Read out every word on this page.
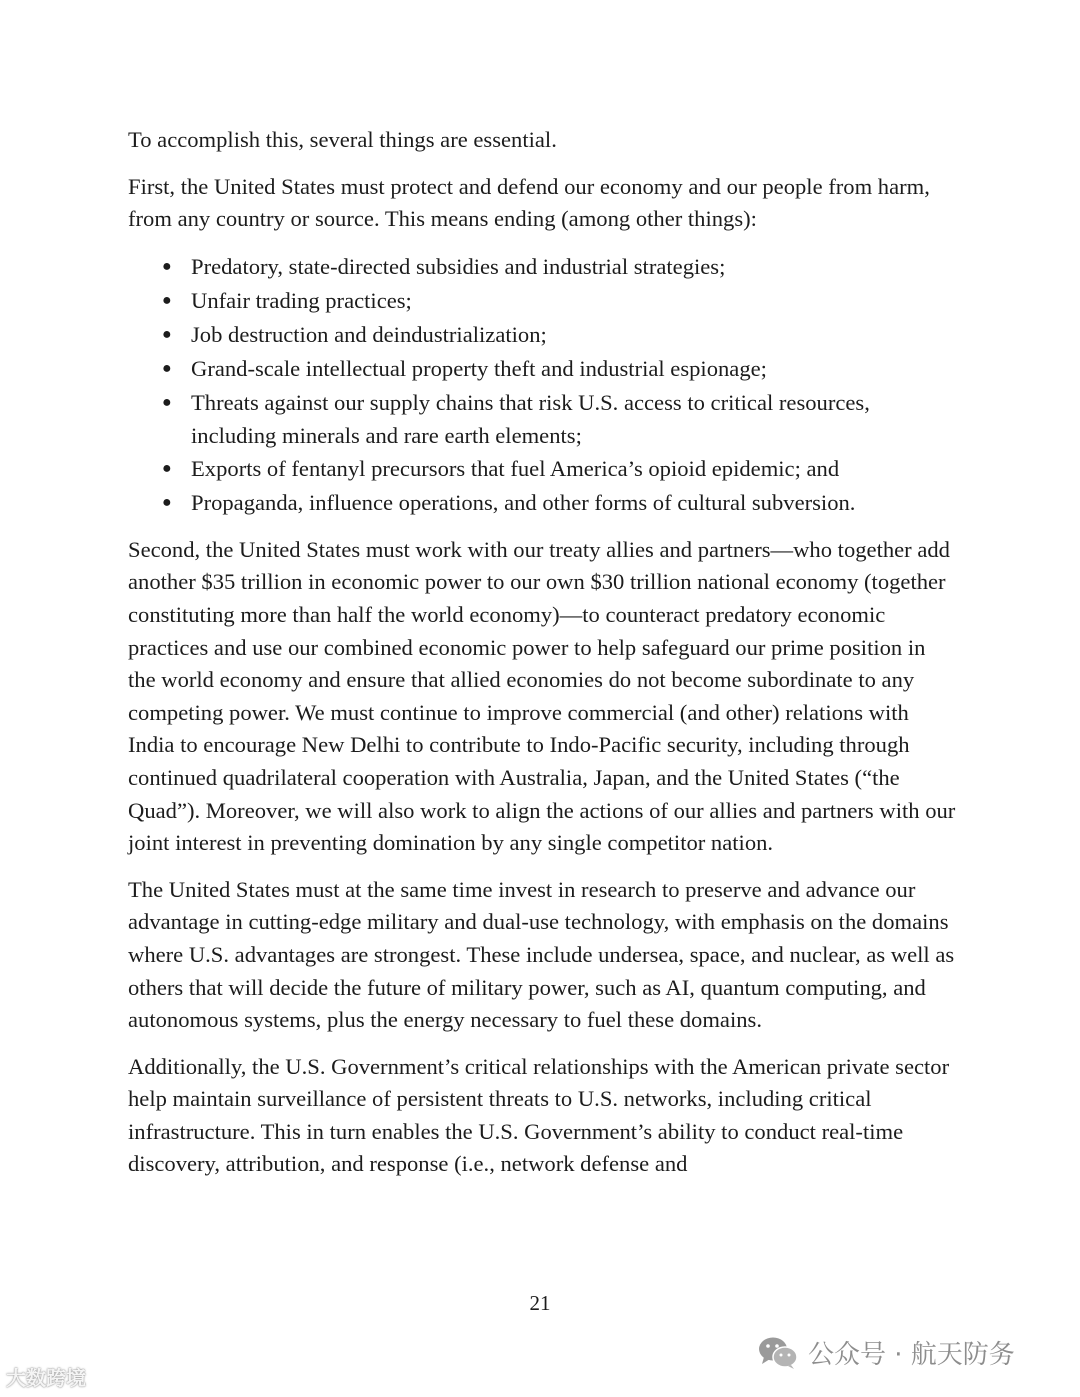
To accomplish this, several things are essential.

First, the United States must protect and defend our economy and our people from harm, from any country or source. This means ending (among other things):

● Predatory, state-directed subsidies and industrial strategies;
● Unfair trading practices;
● Job destruction and deindustrialization;
● Grand-scale intellectual property theft and industrial espionage;
● Threats against our supply chains that risk U.S. access to critical resources, including minerals and rare earth elements;
● Exports of fentanyl precursors that fuel America’s opioid epidemic; and
● Propaganda, influence operations, and other forms of cultural subversion.

Second, the United States must work with our treaty allies and partners—who together add another $35 trillion in economic power to our own $30 trillion national economy (together constituting more than half the world economy)—to counteract predatory economic practices and use our combined economic power to help safeguard our prime position in the world economy and ensure that allied economies do not become subordinate to any competing power. We must continue to improve commercial (and other) relations with India to encourage New Delhi to contribute to Indo-Pacific security, including through continued quadrilateral cooperation with Australia, Japan, and the United States (“the Quad”). Moreover, we will also work to align the actions of our allies and partners with our joint interest in preventing domination by any single competitor nation.

The United States must at the same time invest in research to preserve and advance our advantage in cutting-edge military and dual-use technology, with emphasis on the domains where U.S. advantages are strongest. These include undersea, space, and nuclear, as well as others that will decide the future of military power, such as AI, quantum computing, and autonomous systems, plus the energy necessary to fuel these domains.

Additionally, the U.S. Government’s critical relationships with the American private sector help maintain surveillance of persistent threats to U.S. networks, including critical infrastructure. This in turn enables the U.S. Government’s ability to conduct real-time discovery, attribution, and response (i.e., network defense and

21
大数跨境
公众号 · 航天防务
